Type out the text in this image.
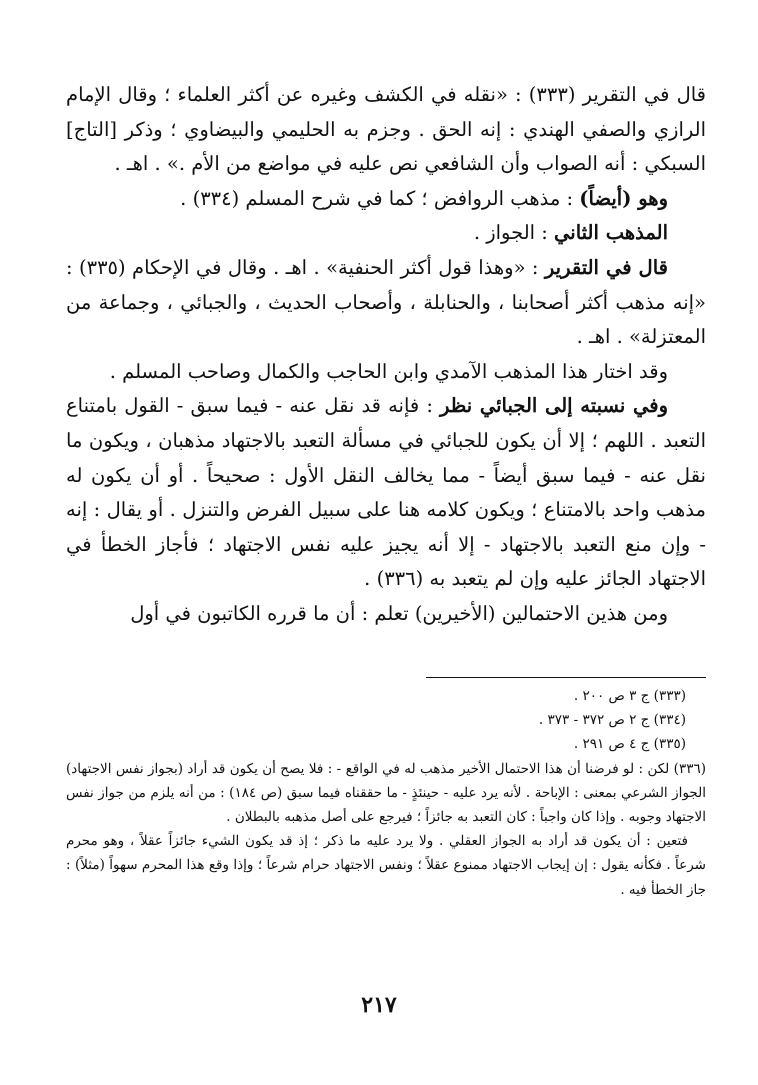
قال في التقرير (٣٣٣) : «نقله في الكشف وغيره عن أكثر العلماء ؛ وقال الإمام الرازي والصفي الهندي : إنه الحق . وجزم به الحليمي والبيضاوي ؛ وذكر [التاج] السبكي : أنه الصواب وأن الشافعي نص عليه في مواضع من الأم .» . اهـ .

وهو (أيضاً) : مذهب الروافض ؛ كما في شرح المسلم (٣٣٤) .

المذهب الثاني : الجواز .

قال في التقرير : «وهذا قول أكثر الحنفية» . اهـ . وقال في الإحكام (٣٣٥) : «إنه مذهب أكثر أصحابنا ، والحنابلة ، وأصحاب الحديث ، والجبائي ، وجماعة من المعتزلة» . اهـ .

وقد اختار هذا المذهب الآمدي وابن الحاجب والكمال وصاحب المسلم .

وفي نسبته إلى الجبائي نظر : فإنه قد نقل عنه - فيما سبق - القول بامتناع التعبد . اللهم ؛ إلا أن يكون للجبائي في مسألة التعبد بالاجتهاد مذهبان ، ويكون ما نقل عنه - فيما سبق أيضاً - مما يخالف النقل الأول : صحيحاً . أو أن يكون له مذهب واحد بالامتناع ؛ ويكون كلامه هنا على سبيل الفرض والتنزل . أو يقال : إنه - وإن منع التعبد بالاجتهاد - إلا أنه يجيز عليه نفس الاجتهاد ؛ فأجاز الخطأ في الاجتهاد الجائز عليه وإن لم يتعبد به (٣٣٦) .

ومن هذين الاحتمالين (الأخيرين) تعلم : أن ما قرره الكاتبون في أول

(٣٣٣) ج ٣ ص ٢٠٠ .

(٣٣٤) ج ٢ ص ٣٧٢ - ٣٧٣ .

(٣٣٥) ج ٤ ص ٢٩١ .

(٣٣٦) لكن : لو فرضنا أن هذا الاحتمال الأخير مذهب له في الواقع - : فلا يصح أن يكون قد أراد (بجواز نفس الاجتهاد) الجواز الشرعي بمعنى : الإباحة . لأنه يرد عليه - حينئذٍ - ما حققناه فيما سبق (ص ١٨٤) : من أنه يلزم من جواز نفس الاجتهاد وجوبه . وإذا كان واجباً : كان التعبد به جائزاً ؛ فيرجع على أصل مذهبه بالبطلان .

فتعين : أن يكون قد أراد به الجواز العقلي . ولا يرد عليه ما ذكر ؛ إذ قد يكون الشيء جائزاً عقلاً ، وهو محرم شرعاً . فكأنه يقول : إن إيجاب الاجتهاد ممنوع عقلاً ؛ ونفس الاجتهاد حرام شرعاً ؛ وإذا وقع هذا المحرم سهواً (مثلاً) : جاز الخطأ فيه .

٢١٧
